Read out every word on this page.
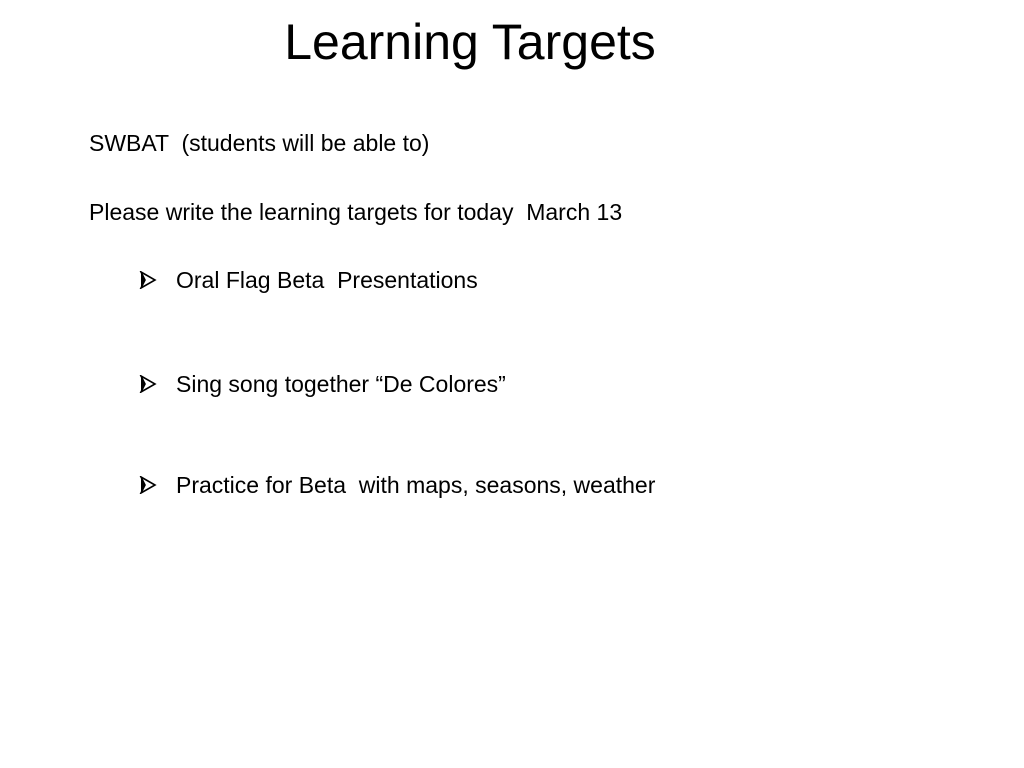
Learning Targets
SWBAT  (students will be able to)
Please write the learning targets for today  March 13

Oral Flag Beta  Presentations

Sing song together “De Colores”

Practice for Beta  with maps, seasons, weather
